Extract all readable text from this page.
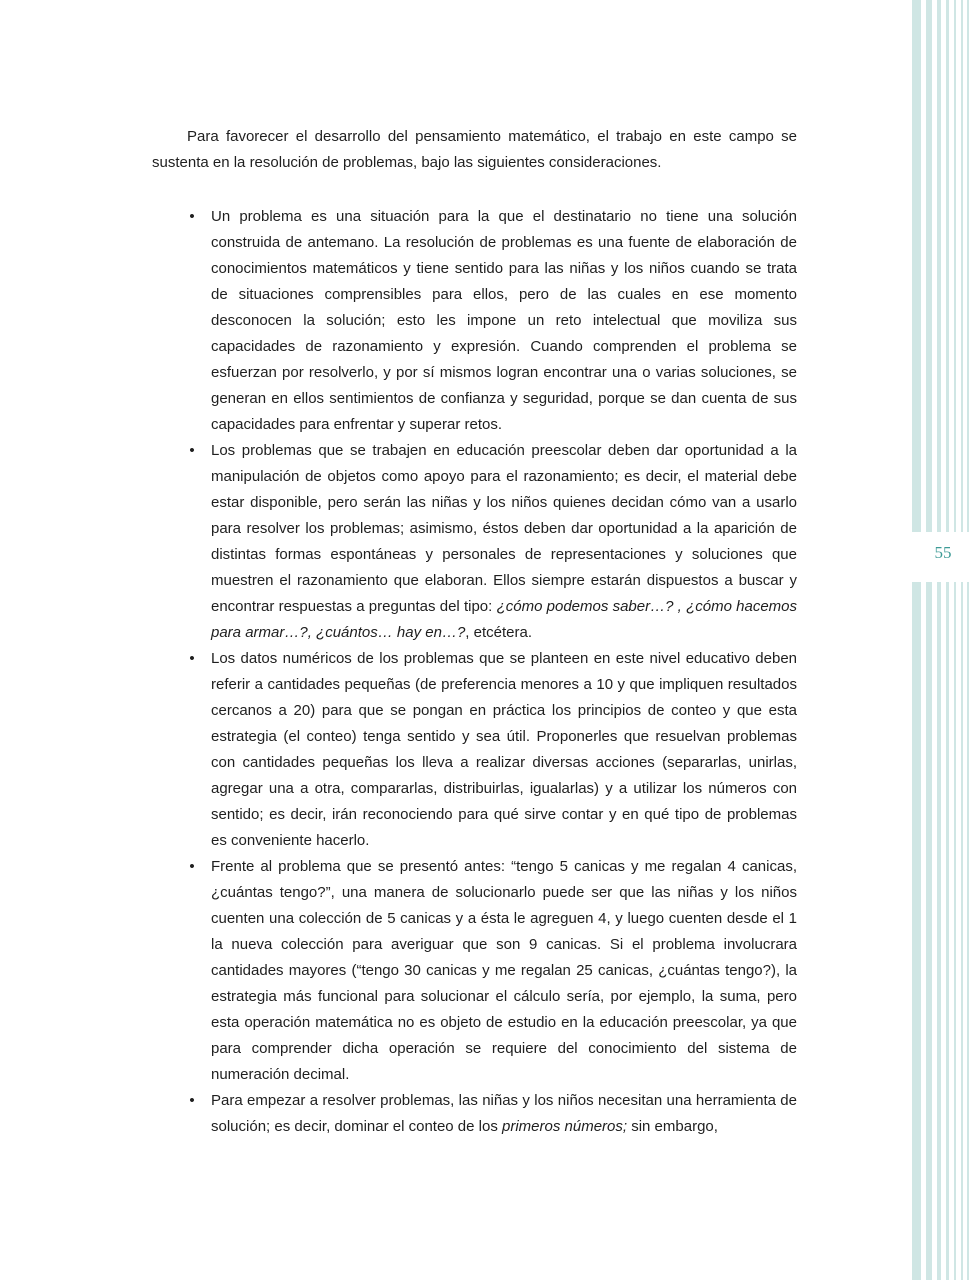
55

Para favorecer el desarrollo del pensamiento matemático, el trabajo en este campo se sustenta en la resolución de problemas, bajo las siguientes consideraciones.

• Un problema es una situación para la que el destinatario no tiene una solución construida de antemano. La resolución de problemas es una fuente de elaboración de conocimientos matemáticos y tiene sentido para las niñas y los niños cuando se trata de situaciones comprensibles para ellos, pero de las cuales en ese momento desconocen la solución; esto les impone un reto intelectual que moviliza sus capacidades de razonamiento y expresión. Cuando comprenden el problema se esfuerzan por resolverlo, y por sí mismos logran encontrar una o varias soluciones, se generan en ellos sentimientos de confianza y seguridad, porque se dan cuenta de sus capacidades para enfrentar y superar retos.
• Los problemas que se trabajen en educación preescolar deben dar oportunidad a la manipulación de objetos como apoyo para el razonamiento; es decir, el material debe estar disponible, pero serán las niñas y los niños quienes decidan cómo van a usarlo para resolver los problemas; asimismo, éstos deben dar oportunidad a la aparición de distintas formas espontáneas y personales de representaciones y soluciones que muestren el razonamiento que elaboran. Ellos siempre estarán dispuestos a buscar y encontrar respuestas a preguntas del tipo: ¿cómo podemos saber…? , ¿cómo hacemos para armar…?, ¿cuántos… hay en…?, etcétera.
• Los datos numéricos de los problemas que se planteen en este nivel educativo deben referir a cantidades pequeñas (de preferencia menores a 10 y que impliquen resultados cercanos a 20) para que se pongan en práctica los principios de conteo y que esta estrategia (el conteo) tenga sentido y sea útil. Proponerles que resuelvan problemas con cantidades pequeñas los lleva a realizar diversas acciones (separarlas, unirlas, agregar una a otra, compararlas, distribuirlas, igualarlas) y a utilizar los números con sentido; es decir, irán reconociendo para qué sirve contar y en qué tipo de problemas es conveniente hacerlo.
• Frente al problema que se presentó antes: “tengo 5 canicas y me regalan 4 canicas, ¿cuántas tengo?”, una manera de solucionarlo puede ser que las niñas y los niños cuenten una colección de 5 canicas y a ésta le agreguen 4, y luego cuenten desde el 1 la nueva colección para averiguar que son 9 canicas. Si el problema involucrara cantidades mayores (“tengo 30 canicas y me regalan 25 canicas, ¿cuántas tengo?), la estrategia más funcional para solucionar el cálculo sería, por ejemplo, la suma, pero esta operación matemática no es objeto de estudio en la educación preescolar, ya que para comprender dicha operación se requiere del conocimiento del sistema de numeración decimal.
• Para empezar a resolver problemas, las niñas y los niños necesitan una herramienta de solución; es decir, dominar el conteo de los primeros números; sin embargo,
